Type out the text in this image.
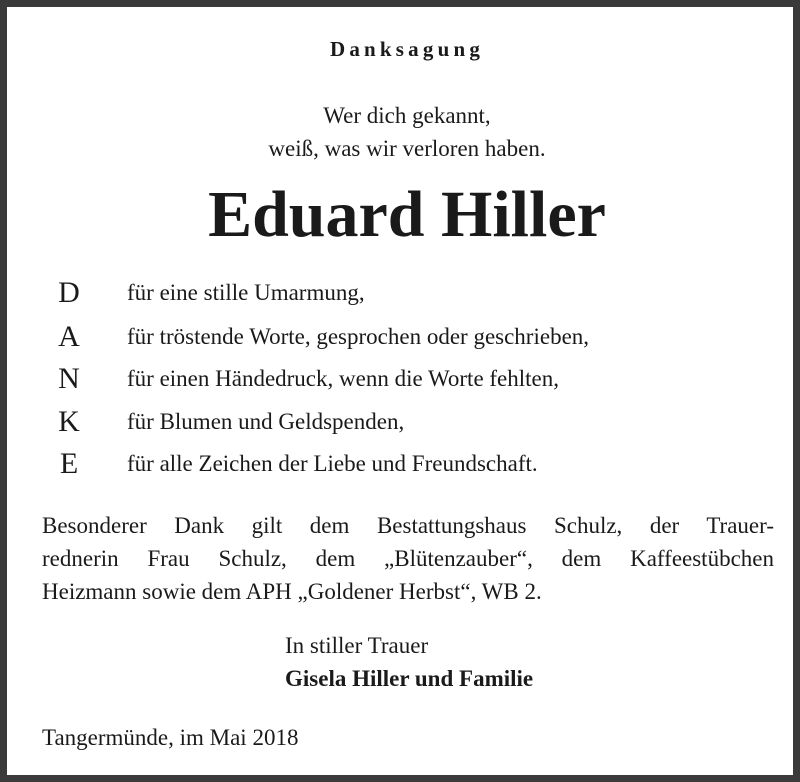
Danksagung
Wer dich gekannt,
weiß, was wir verloren haben.
Eduard Hiller
D	für eine stille Umarmung,
A	für tröstende Worte, gesprochen oder geschrieben,
N	für einen Händedruck, wenn die Worte fehlten,
K	für Blumen und Geldspenden,
E	für alle Zeichen der Liebe und Freundschaft.
Besonderer Dank gilt dem Bestattungshaus Schulz, der Trauer-
rednerin Frau Schulz, dem „Blütenzauber“, dem Kaffeestübchen
Heizmann sowie dem APH „Goldener Herbst“, WB 2.
In stiller Trauer
Gisela Hiller und Familie
Tangermünde, im Mai 2018
